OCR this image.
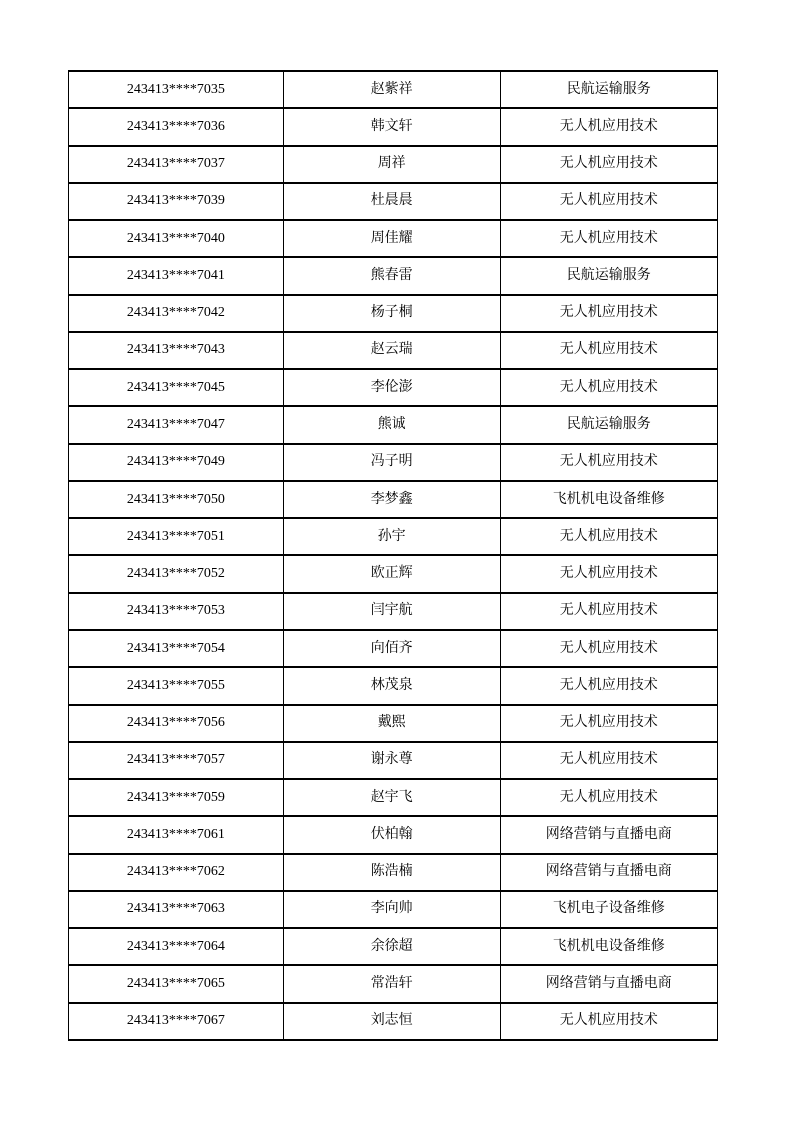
243413****7035	赵紫祥	民航运输服务
243413****7036	韩文轩	无人机应用技术
243413****7037	周祥	无人机应用技术
243413****7039	杜晨晨	无人机应用技术
243413****7040	周佳耀	无人机应用技术
243413****7041	熊春雷	民航运输服务
243413****7042	杨子桐	无人机应用技术
243413****7043	赵云瑞	无人机应用技术
243413****7045	李伦澎	无人机应用技术
243413****7047	熊诚	民航运输服务
243413****7049	冯子明	无人机应用技术
243413****7050	李梦鑫	飞机机电设备维修
243413****7051	孙宇	无人机应用技术
243413****7052	欧正辉	无人机应用技术
243413****7053	闫宇航	无人机应用技术
243413****7054	向佰齐	无人机应用技术
243413****7055	林茂泉	无人机应用技术
243413****7056	戴熙	无人机应用技术
243413****7057	谢永尊	无人机应用技术
243413****7059	赵宇飞	无人机应用技术
243413****7061	伏柏翰	网络营销与直播电商
243413****7062	陈浩楠	网络营销与直播电商
243413****7063	李向帅	飞机电子设备维修
243413****7064	余徐超	飞机机电设备维修
243413****7065	常浩轩	网络营销与直播电商
243413****7067	刘志恒	无人机应用技术
